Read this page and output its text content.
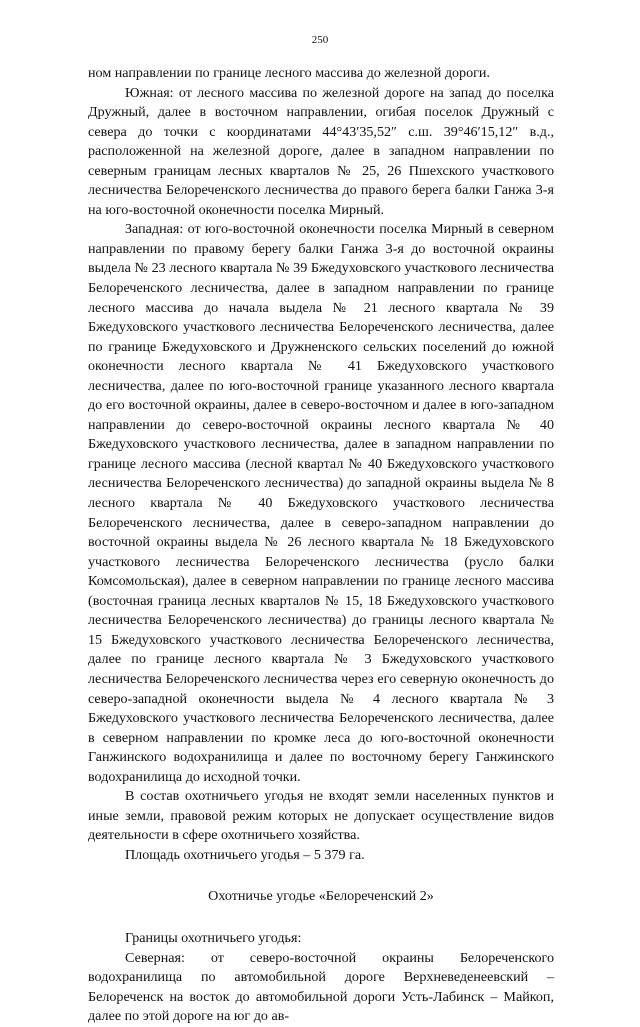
250

ном направлении по границе лесного массива до железной дороги.

Южная: от лесного массива по железной дороге на запад до поселка Дружный, далее в восточном направлении, огибая поселок Дружный с севера до точки с координатами 44°43′35,52″ с.ш. 39°46′15,12″ в.д., расположенной на железной дороге, далее в западном направлении по северным границам лесных кварталов № 25, 26 Пшехского участкового лесничества Белореченского лесничества до правого берега балки Ганжа 3-я на юго-восточной оконечности поселка Мирный.

Западная: от юго-восточной оконечности поселка Мирный в северном направлении по правому берегу балки Ганжа 3-я до восточной окраины выдела № 23 лесного квартала № 39 Бжедуховского участкового лесничества Белореченского лесничества, далее в западном направлении по границе лесного массива до начала выдела № 21 лесного квартала № 39 Бжедуховского участкового лесничества Белореченского лесничества, далее по границе Бжедуховского и Дружненского сельских поселений до южной оконечности лесного квартала № 41 Бжедуховского участкового лесничества, далее по юго-восточной границе указанного лесного квартала до его восточной окраины, далее в северо-восточном и далее в юго-западном направлении до северо-восточной окраины лесного квартала № 40 Бжедуховского участкового лесничества, далее в западном направлении по границе лесного массива (лесной квартал № 40 Бжедуховского участкового лесничества Белореченского лесничества) до западной окраины выдела № 8 лесного квартала № 40 Бжедуховского участкового лесничества Белореченского лесничества, далее в северо-западном направлении до восточной окраины выдела № 26 лесного квартала № 18 Бжедуховского участкового лесничества Белореченского лесничества (русло балки Комсомольская), далее в северном направлении по границе лесного массива (восточная граница лесных кварталов № 15, 18 Бжедуховского участкового лесничества Белореченского лесничества) до границы лесного квартала № 15 Бжедуховского участкового лесничества Белореченского лесничества, далее по границе лесного квартала № 3 Бжедуховского участкового лесничества Белореченского лесничества через его северную оконечность до северо-западной оконечности выдела № 4 лесного квартала № 3 Бжедуховского участкового лесничества Белореченского лесничества, далее в северном направлении по кромке леса до юго-восточной оконечности Ганжинского водохранилища и далее по восточному берегу Ганжинского водохранилища до исходной точки.

В состав охотничьего угодья не входят земли населенных пунктов и иные земли, правовой режим которых не допускает осуществление видов деятельности в сфере охотничьего хозяйства.

Площадь охотничьего угодья – 5 379 га.

Охотничье угодье «Белореченский 2»

Границы охотничьего угодья:

Северная: от северо-восточной окраины Белореченского водохранилища по автомобильной дороге Верхневеденеевский – Белореченск на восток до автомобильной дороги Усть-Лабинск – Майкоп, далее по этой дороге на юг до ав-
